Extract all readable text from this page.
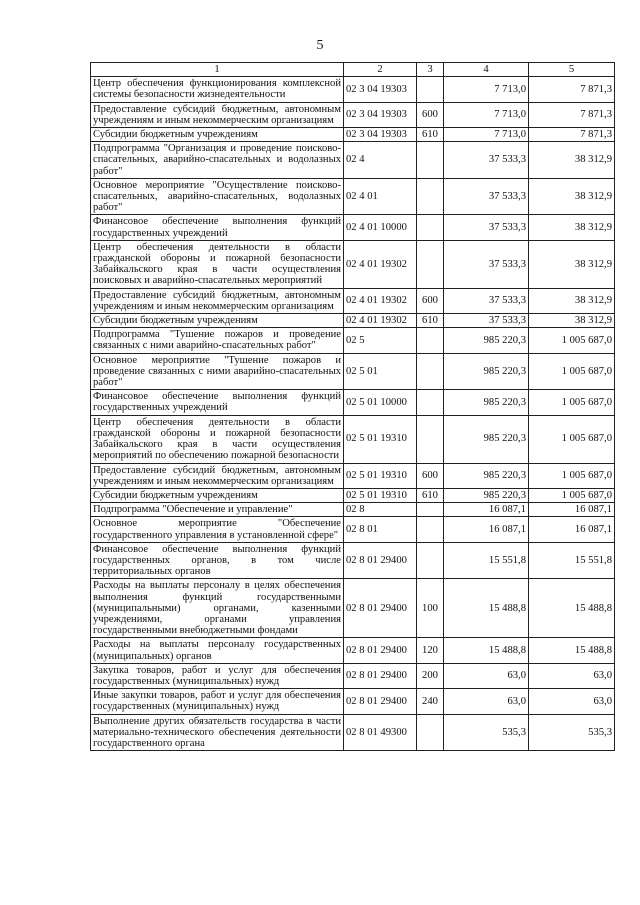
5
1	2	3	4	5
Центр обеспечения функционирования комплексной системы безопасности жизнедеятельности	02 3 04 19303		7 713,0	7 871,3
Предоставление субсидий бюджетным, автономным учреждениям и иным некоммерческим организациям	02 3 04 19303	600	7 713,0	7 871,3
Субсидии бюджетным учреждениям	02 3 04 19303	610	7 713,0	7 871,3
Подпрограмма "Организация и проведение поисково-спасательных, аварийно-спасательных и водолазных работ"	02 4		37 533,3	38 312,9
Основное мероприятие "Осуществление поисково-спасательных, аварийно-спасательных, водолазных работ"	02 4 01		37 533,3	38 312,9
Финансовое обеспечение выполнения функций государственных учреждений	02 4 01 10000		37 533,3	38 312,9
Центр обеспечения деятельности в области гражданской обороны и пожарной безопасности Забайкальского края в части осуществления поисковых и аварийно-спасательных мероприятий	02 4 01 19302		37 533,3	38 312,9
Предоставление субсидий бюджетным, автономным учреждениям и иным некоммерческим организациям	02 4 01 19302	600	37 533,3	38 312,9
Субсидии бюджетным учреждениям	02 4 01 19302	610	37 533,3	38 312,9
Подпрограмма "Тушение пожаров и проведение связанных с ними аварийно-спасательных работ"	02 5		985 220,3	1 005 687,0
Основное мероприятие "Тушение пожаров и проведение связанных с ними аварийно-спасательных работ"	02 5 01		985 220,3	1 005 687,0
Финансовое обеспечение выполнения функций государственных учреждений	02 5 01 10000		985 220,3	1 005 687,0
Центр обеспечения деятельности в области гражданской обороны и пожарной безопасности Забайкальского края в части осуществления мероприятий по обеспечению пожарной безопасности	02 5 01 19310		985 220,3	1 005 687,0
Предоставление субсидий бюджетным, автономным учреждениям и иным некоммерческим организациям	02 5 01 19310	600	985 220,3	1 005 687,0
Субсидии бюджетным учреждениям	02 5 01 19310	610	985 220,3	1 005 687,0
Подпрограмма "Обеспечение и управление"	02 8		16 087,1	16 087,1
Основное мероприятие "Обеспечение государственного управления в установленной сфере"	02 8 01		16 087,1	16 087,1
Финансовое обеспечение выполнения функций государственных органов, в том числе территориальных органов	02 8 01 29400		15 551,8	15 551,8
Расходы на выплаты персоналу в целях обеспечения выполнения функций государственными (муниципальными) органами, казенными учреждениями, органами управления государственными внебюджетными фондами	02 8 01 29400	100	15 488,8	15 488,8
Расходы на выплаты персоналу государственных (муниципальных) органов	02 8 01 29400	120	15 488,8	15 488,8
Закупка товаров, работ и услуг для обеспечения государственных (муниципальных) нужд	02 8 01 29400	200	63,0	63,0
Иные закупки товаров, работ и услуг для обеспечения государственных (муниципальных) нужд	02 8 01 29400	240	63,0	63,0
Выполнение других обязательств государства в части материально-технического обеспечения деятельности государственного органа	02 8 01 49300		535,3	535,3
